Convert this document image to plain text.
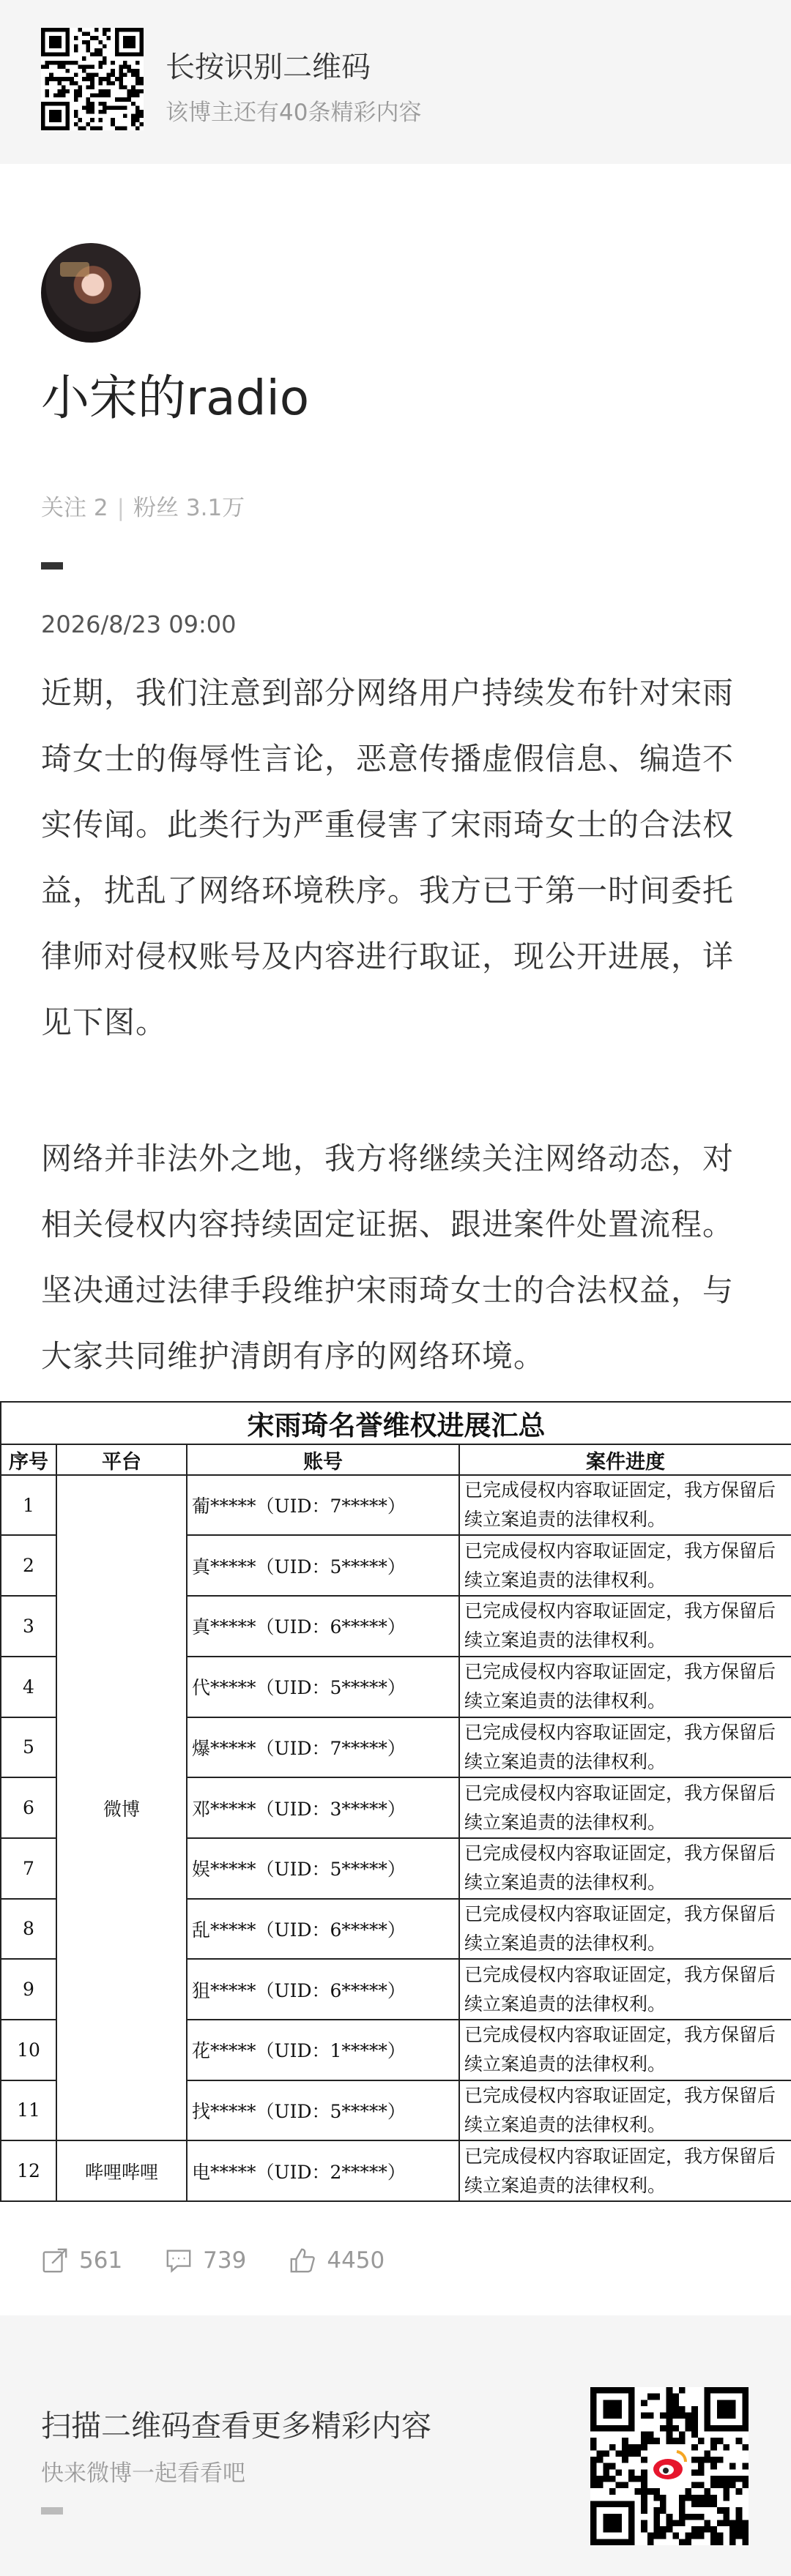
长按识别二维码
该博主还有40条精彩内容
小宋的radio
关注 2 | 粉丝 3.1万
2026/8/23 09:00
近期，我们注意到部分网络用户持续发布针对宋雨琦女士的侮辱性言论，恶意传播虚假信息、编造不实传闻。此类行为严重侵害了宋雨琦女士的合法权益，扰乱了网络环境秩序。我方已于第一时间委托律师对侵权账号及内容进行取证，现公开进展，详见下图。
网络并非法外之地，我方将继续关注网络动态，对相关侵权内容持续固定证据、跟进案件处置流程。坚决通过法律手段维护宋雨琦女士的合法权益，与大家共同维护清朗有序的网络环境。
宋雨琦名誉维权进展汇总			
序号	平台	账号	案件进度
1	微博	葡*****（UID：7*****）	已完成侵权内容取证固定，我方保留后续立案追责的法律权利。
2		真*****（UID：5*****）	已完成侵权内容取证固定，我方保留后续立案追责的法律权利。
3		真*****（UID：6*****）	已完成侵权内容取证固定，我方保留后续立案追责的法律权利。
4		代*****（UID：5*****）	已完成侵权内容取证固定，我方保留后续立案追责的法律权利。
5		爆*****（UID：7*****）	已完成侵权内容取证固定，我方保留后续立案追责的法律权利。
6		邓*****（UID：3*****）	已完成侵权内容取证固定，我方保留后续立案追责的法律权利。
7		娱*****（UID：5*****）	已完成侵权内容取证固定，我方保留后续立案追责的法律权利。
8		乱*****（UID：6*****）	已完成侵权内容取证固定，我方保留后续立案追责的法律权利。
9		狙*****（UID：6*****）	已完成侵权内容取证固定，我方保留后续立案追责的法律权利。
10		花*****（UID：1*****）	已完成侵权内容取证固定，我方保留后续立案追责的法律权利。
11		找*****（UID：5*****）	已完成侵权内容取证固定，我方保留后续立案追责的法律权利。
12	哔哩哔哩	电*****（UID：2*****）	已完成侵权内容取证固定，我方保留后续立案追责的法律权利。
561	739	4450
扫描二维码查看更多精彩内容
快来微博一起看看吧
